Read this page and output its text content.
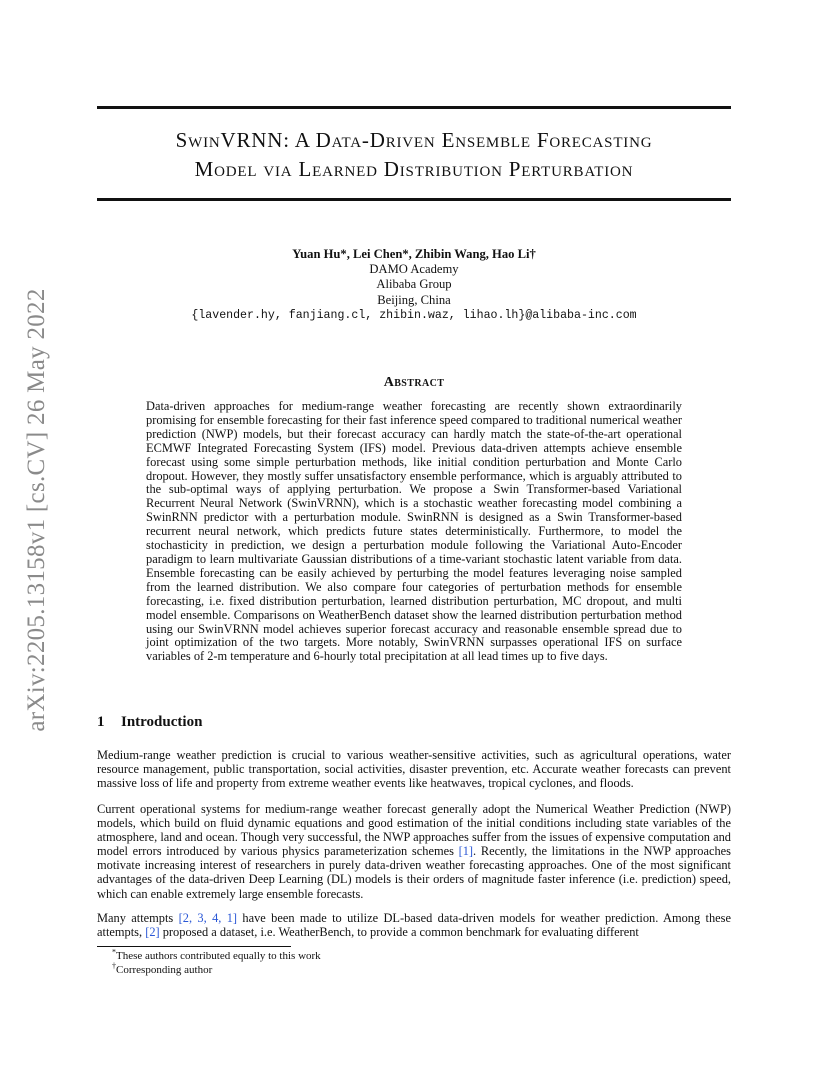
arXiv:2205.13158v1 [cs.CV] 26 May 2022
SwinVRNN: A Data-Driven Ensemble Forecasting
Model via Learned Distribution Perturbation
Yuan Hu*, Lei Chen*, Zhibin Wang, Hao Li†
DAMO Academy
Alibaba Group
Beijing, China
{lavender.hy, fanjiang.cl, zhibin.waz, lihao.lh}@alibaba-inc.com
Abstract

Data-driven approaches for medium-range weather forecasting are recently shown extraordinarily promising for ensemble forecasting for their fast inference speed compared to traditional numerical weather prediction (NWP) models, but their forecast accuracy can hardly match the state-of-the-art operational ECMWF Integrated Forecasting System (IFS) model. Previous data-driven attempts achieve ensemble forecast using some simple perturbation methods, like initial condition perturbation and Monte Carlo dropout. However, they mostly suffer unsatisfactory ensemble performance, which is arguably attributed to the sub-optimal ways of applying perturbation. We propose a Swin Transformer-based Variational Recurrent Neural Network (SwinVRNN), which is a stochastic weather forecasting model combining a SwinRNN predictor with a perturbation module. SwinRNN is designed as a Swin Transformer-based recurrent neural network, which predicts future states deterministically. Furthermore, to model the stochasticity in prediction, we design a perturbation module following the Variational Auto-Encoder paradigm to learn multivariate Gaussian distributions of a time-variant stochastic latent variable from data. Ensemble forecasting can be easily achieved by perturbing the model features leveraging noise sampled from the learned distribution. We also compare four categories of perturbation methods for ensemble forecasting, i.e. fixed distribution perturbation, learned distribution perturbation, MC dropout, and multi model ensemble. Comparisons on WeatherBench dataset show the learned distribution perturbation method using our SwinVRNN model achieves superior forecast accuracy and reasonable ensemble spread due to joint optimization of the two targets. More notably, SwinVRNN surpasses operational IFS on surface variables of 2-m temperature and 6-hourly total precipitation at all lead times up to five days.

1 Introduction

Medium-range weather prediction is crucial to various weather-sensitive activities, such as agricultural operations, water resource management, public transportation, social activities, disaster prevention, etc. Accurate weather forecasts can prevent massive loss of life and property from extreme weather events like heatwaves, tropical cyclones, and floods.

Current operational systems for medium-range weather forecast generally adopt the Numerical Weather Prediction (NWP) models, which build on fluid dynamic equations and good estimation of the initial conditions including state variables of the atmosphere, land and ocean. Though very successful, the NWP approaches suffer from the issues of expensive computation and model errors introduced by various physics parameterization schemes [1]. Recently, the limitations in the NWP approaches motivate increasing interest of researchers in purely data-driven weather forecasting approaches. One of the most significant advantages of the data-driven Deep Learning (DL) models is their orders of magnitude faster inference (i.e. prediction) speed, which can enable extremely large ensemble forecasts.

Many attempts [2, 3, 4, 1] have been made to utilize DL-based data-driven models for weather prediction. Among these attempts, [2] proposed a dataset, i.e. WeatherBench, to provide a common benchmark for evaluating different

*These authors contributed equally to this work
†Corresponding author
